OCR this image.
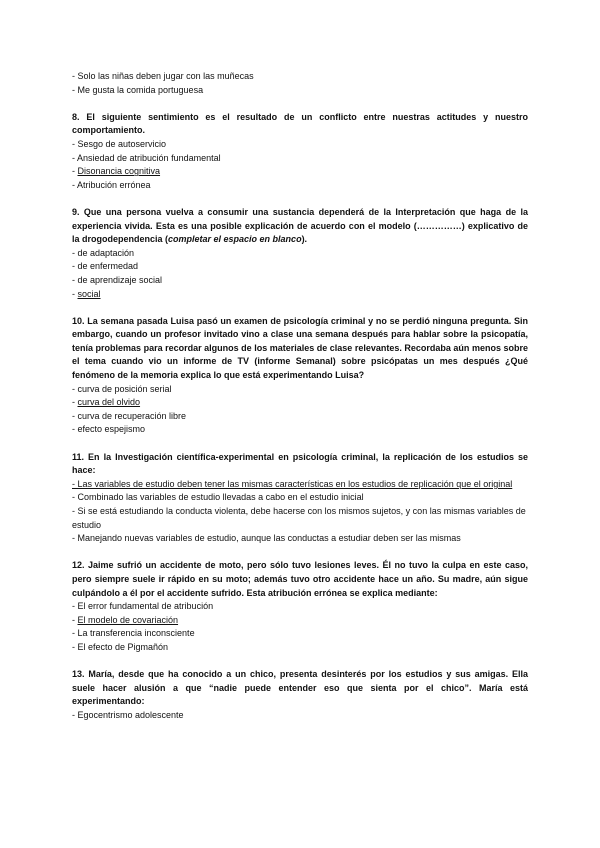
- Solo las niñas deben jugar con las muñecas
- Me gusta la comida portuguesa
8. El siguiente sentimiento es el resultado de un conflicto entre nuestras actitudes y nuestro comportamiento.
- Sesgo de autoservicio
- Ansiedad de atribución fundamental
- Disonancia cognitiva
- Atribución errónea
9. Que una persona vuelva a consumir una sustancia dependerá de la Interpretación que haga de la experiencia vivida. Esta es una posible explicación de acuerdo con el modelo (……………) explicativo de la drogodependencia (completar el espacio en blanco).
- de adaptación
- de enfermedad
- de aprendizaje social
- social
10. La semana pasada Luisa pasó un examen de psicología criminal y no se perdió ninguna pregunta. Sin embargo, cuando un profesor invitado vino a clase una semana después para hablar sobre la psicopatía, tenía problemas para recordar algunos de los materiales de clase relevantes. Recordaba aún menos sobre el tema cuando vio un informe de TV (informe Semanal) sobre psicópatas un mes después ¿Qué fenómeno de la memoria explica lo que está experimentando Luisa?
- curva de posición serial
- curva del olvido
- curva de recuperación libre
- efecto espejismo
11. En la Investigación científica-experimental en psicología criminal, la replicación de los estudios se hace:
- Las variables de estudio deben tener las mismas características en los estudios de replicación que el original
- Combinado las variables de estudio llevadas a cabo en el estudio inicial
- Si se está estudiando la conducta violenta, debe hacerse con los mismos sujetos, y con las mismas variables de estudio
- Manejando nuevas variables de estudio, aunque las conductas a estudiar deben ser las mismas
12. Jaime sufrió un accidente de moto, pero sólo tuvo lesiones leves. Él no tuvo la culpa en este caso, pero siempre suele ir rápido en su moto; además tuvo otro accidente hace un año. Su madre, aún sigue culpándolo a él por el accidente sufrido. Esta atribución errónea se explica mediante:
- El error fundamental de atribución
- El modelo de covariación
- La transferencia inconsciente
- El efecto de Pigmañón
13. María, desde que ha conocido a un chico, presenta desinterés por los estudios y sus amigas. Ella suele hacer alusión a que “nadie puede entender eso que sienta por el chico”. María está experimentando:
- Egocentrismo adolescente
